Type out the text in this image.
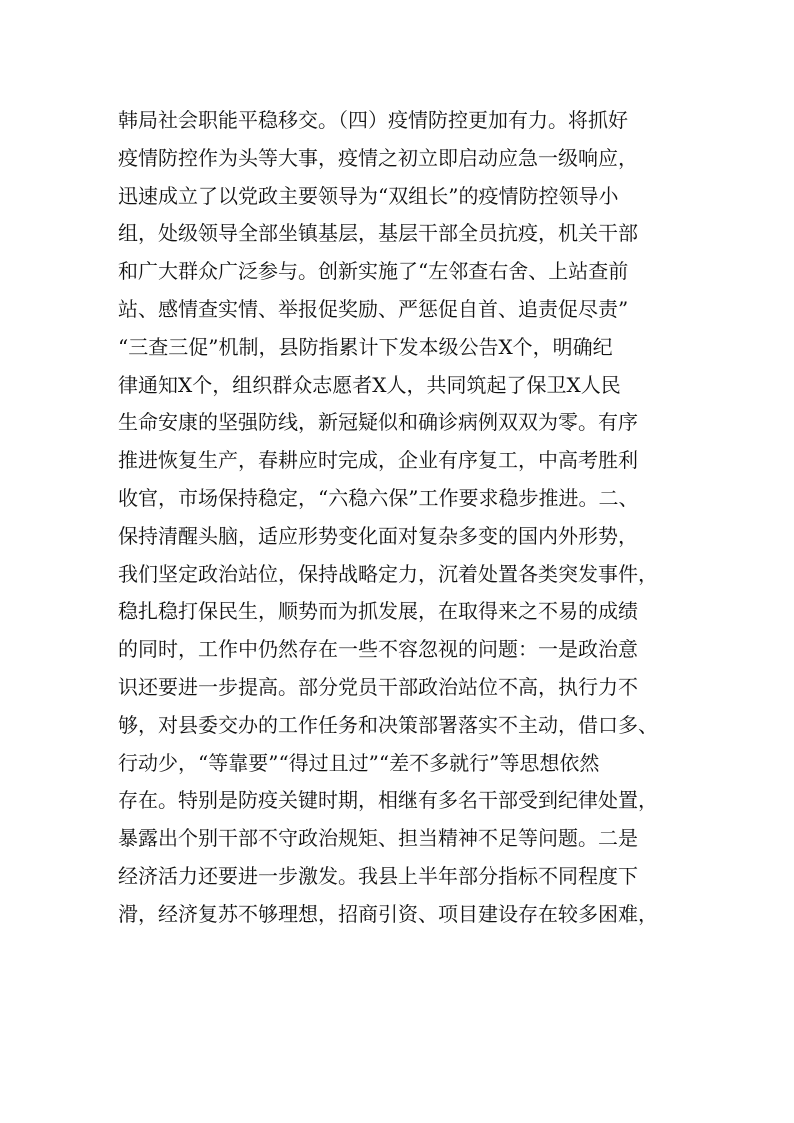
韩局社会职能平稳移交。（四）疫情防控更加有力。将抓好
疫情防控作为头等大事，疫情之初立即启动应急一级响应，
迅速成立了以党政主要领导为“双组长”的疫情防控领导小
组，处级领导全部坐镇基层，基层干部全员抗疫，机关干部
和广大群众广泛参与。创新实施了“左邻查右舍、上站查前
站、感情查实情、举报促奖励、严惩促自首、追责促尽责”
“三查三促”机制，县防指累计下发本级公告X个，明确纪
律通知X个，组织群众志愿者X人，共同筑起了保卫X人民
生命安康的坚强防线，新冠疑似和确诊病例双双为零。有序
推进恢复生产，春耕应时完成，企业有序复工，中高考胜利
收官，市场保持稳定，“六稳六保”工作要求稳步推进。二、
保持清醒头脑，适应形势变化面对复杂多变的国内外形势，
我们坚定政治站位，保持战略定力，沉着处置各类突发事件，
稳扎稳打保民生，顺势而为抓发展，在取得来之不易的成绩
的同时，工作中仍然存在一些不容忽视的问题：一是政治意
识还要进一步提高。部分党员干部政治站位不高，执行力不
够，对县委交办的工作任务和决策部署落实不主动，借口多、
行动少，“等靠要”“得过且过”“差不多就行”等思想依然
存在。特别是防疫关键时期，相继有多名干部受到纪律处置，
暴露出个别干部不守政治规矩、担当精神不足等问题。二是
经济活力还要进一步激发。我县上半年部分指标不同程度下
滑，经济复苏不够理想，招商引资、项目建设存在较多困难，
